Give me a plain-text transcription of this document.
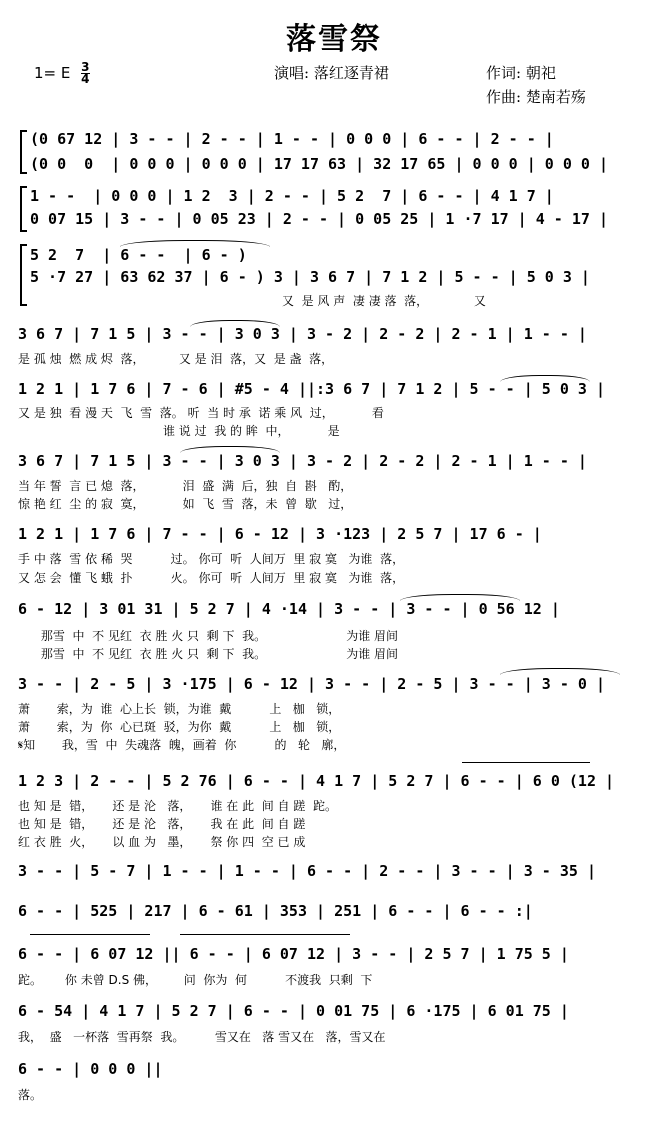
落雪祭
1= E $\frac{3}{4}$	演唱: 落红逐青裙	作词: 朝祀
作曲: 楚南若殇
(0 67 12 | 3 - - | 2 - - | 1 - - | 0 0 0 | 6 - - | 2 - - |
(0 0  0  | 0 0 0 | 0 0 0 | 17 17 63 | 32 17 65 | 0 0 0 | 0 0 0 |
1 - -  | 0 0 0 | 1 2  3 | 2 - - | 5 2  7 | 6 - - | 4 1 7 |
0 07 15 | 3 - - | 0 05 23 | 2 - - | 0 05 25 | 1 ·7 17 | 4 - 17 |
5 2  7  | 6 - -  | 6 - )
5 ·7 27 | 63 62 37 | 6 - ) 3 | 3 6 7 | 7 1 2 | 5 - - | 5 0 3 |
又  是 风 声  凄 凄 落  落，            又
3 6 7 | 7 1 5 | 3 - - | 3 0 3 | 3 - 2 | 2 - 2 | 2 - 1 | 1 - - |
是 孤 烛  燃 成 烬  落，         又 是 泪  落，又  是 盏  落，
1 2 1 | 1 7 6 | 7 - 6 | #5 - 4 ||:3 6 7 | 7 1 2 | 5 - - | 5 0 3 |
又 是 独  看 漫 天  飞  雪  落。 听  当 时 承  诺 乘 风  过，          看
谁 说 过  我 的 眸  中，          是
3 6 7 | 7 1 5 | 3 - - | 3 0 3 | 3 - 2 | 2 - 2 | 2 - 1 | 1 - - |
当 年 誓  言 已 熄  落，          泪  盛  满  后，独  自  斟   酌，
惊 艳 红  尘 的 寂  寞，          如  飞  雪  落，未  曾  歇   过，
1 2 1 | 1 7 6 | 7 - - | 6 - 12 | 3 ·123 | 2 5 7 | 17 6 - |
手 中 落  雪 依 稀  哭          过。 你可  听  人间万  里 寂 寞   为谁  落，
又 怎 会  懂 飞 蛾  扑          火。 你可  听  人间万  里 寂 寞   为谁  落，
6 - 12 | 3 01 31 | 5 2 7 | 4 ·14 | 3 - - | 3 - - | 0 56 12 |
那雪  中  不 见红  衣 胜 火 只  剩 下  我。                     为谁 眉间
那雪  中  不 见红  衣 胜 火 只  剩 下  我。                     为谁 眉间
3 - - | 2 - 5 | 3 ·175 | 6 - 12 | 3 - - | 2 - 5 | 3 - - | 3 - 0 |
萧       索，为  谁  心上长  锁，为谁  戴          上   枷   锁，
萧       索，为  你  心已斑  驳，为你  戴          上   枷   锁，
𝄋知       我，雪  中  失魂落  魄，画着  你          的   轮   廓，
1 2 3 | 2 - - | 5 2 76 | 6 - - | 4 1 7 | 5 2 7 | 6 - - | 6 0 (12 |
也 知 是  错，     还 是 沦   落，     谁 在 此  间 自 蹉  跎。
也 知 是  错，     还 是 沦   落，     我 在 此  间 自 蹉
红 衣 胜  火，     以 血 为   墨，     祭 你 四  空 已 成
3 - - | 5 - 7 | 1 - - | 1 - - | 6 - - | 2 - - | 3 - - | 3 - 35 |
6 - - | 525 | 217 | 6 - 61 | 353 | 251 | 6 - - | 6 - - :|
6 - - | 6 07 12 || 6 - - | 6 07 12 | 3 - - | 2 5 7 | 1 75 5 |
跎。      你 未曾 D.S 佛，       问  你为  何          不渡我  只剩  下
6 - 54 | 4 1 7 | 5 2 7 | 6 - - | 0 01 75 | 6 ·175 | 6 01 75 |
我，  盛   一杯落  雪再祭  我。        雪又在   落 雪又在   落，雪又在
6 - - | 0 0 0 ||
落。
